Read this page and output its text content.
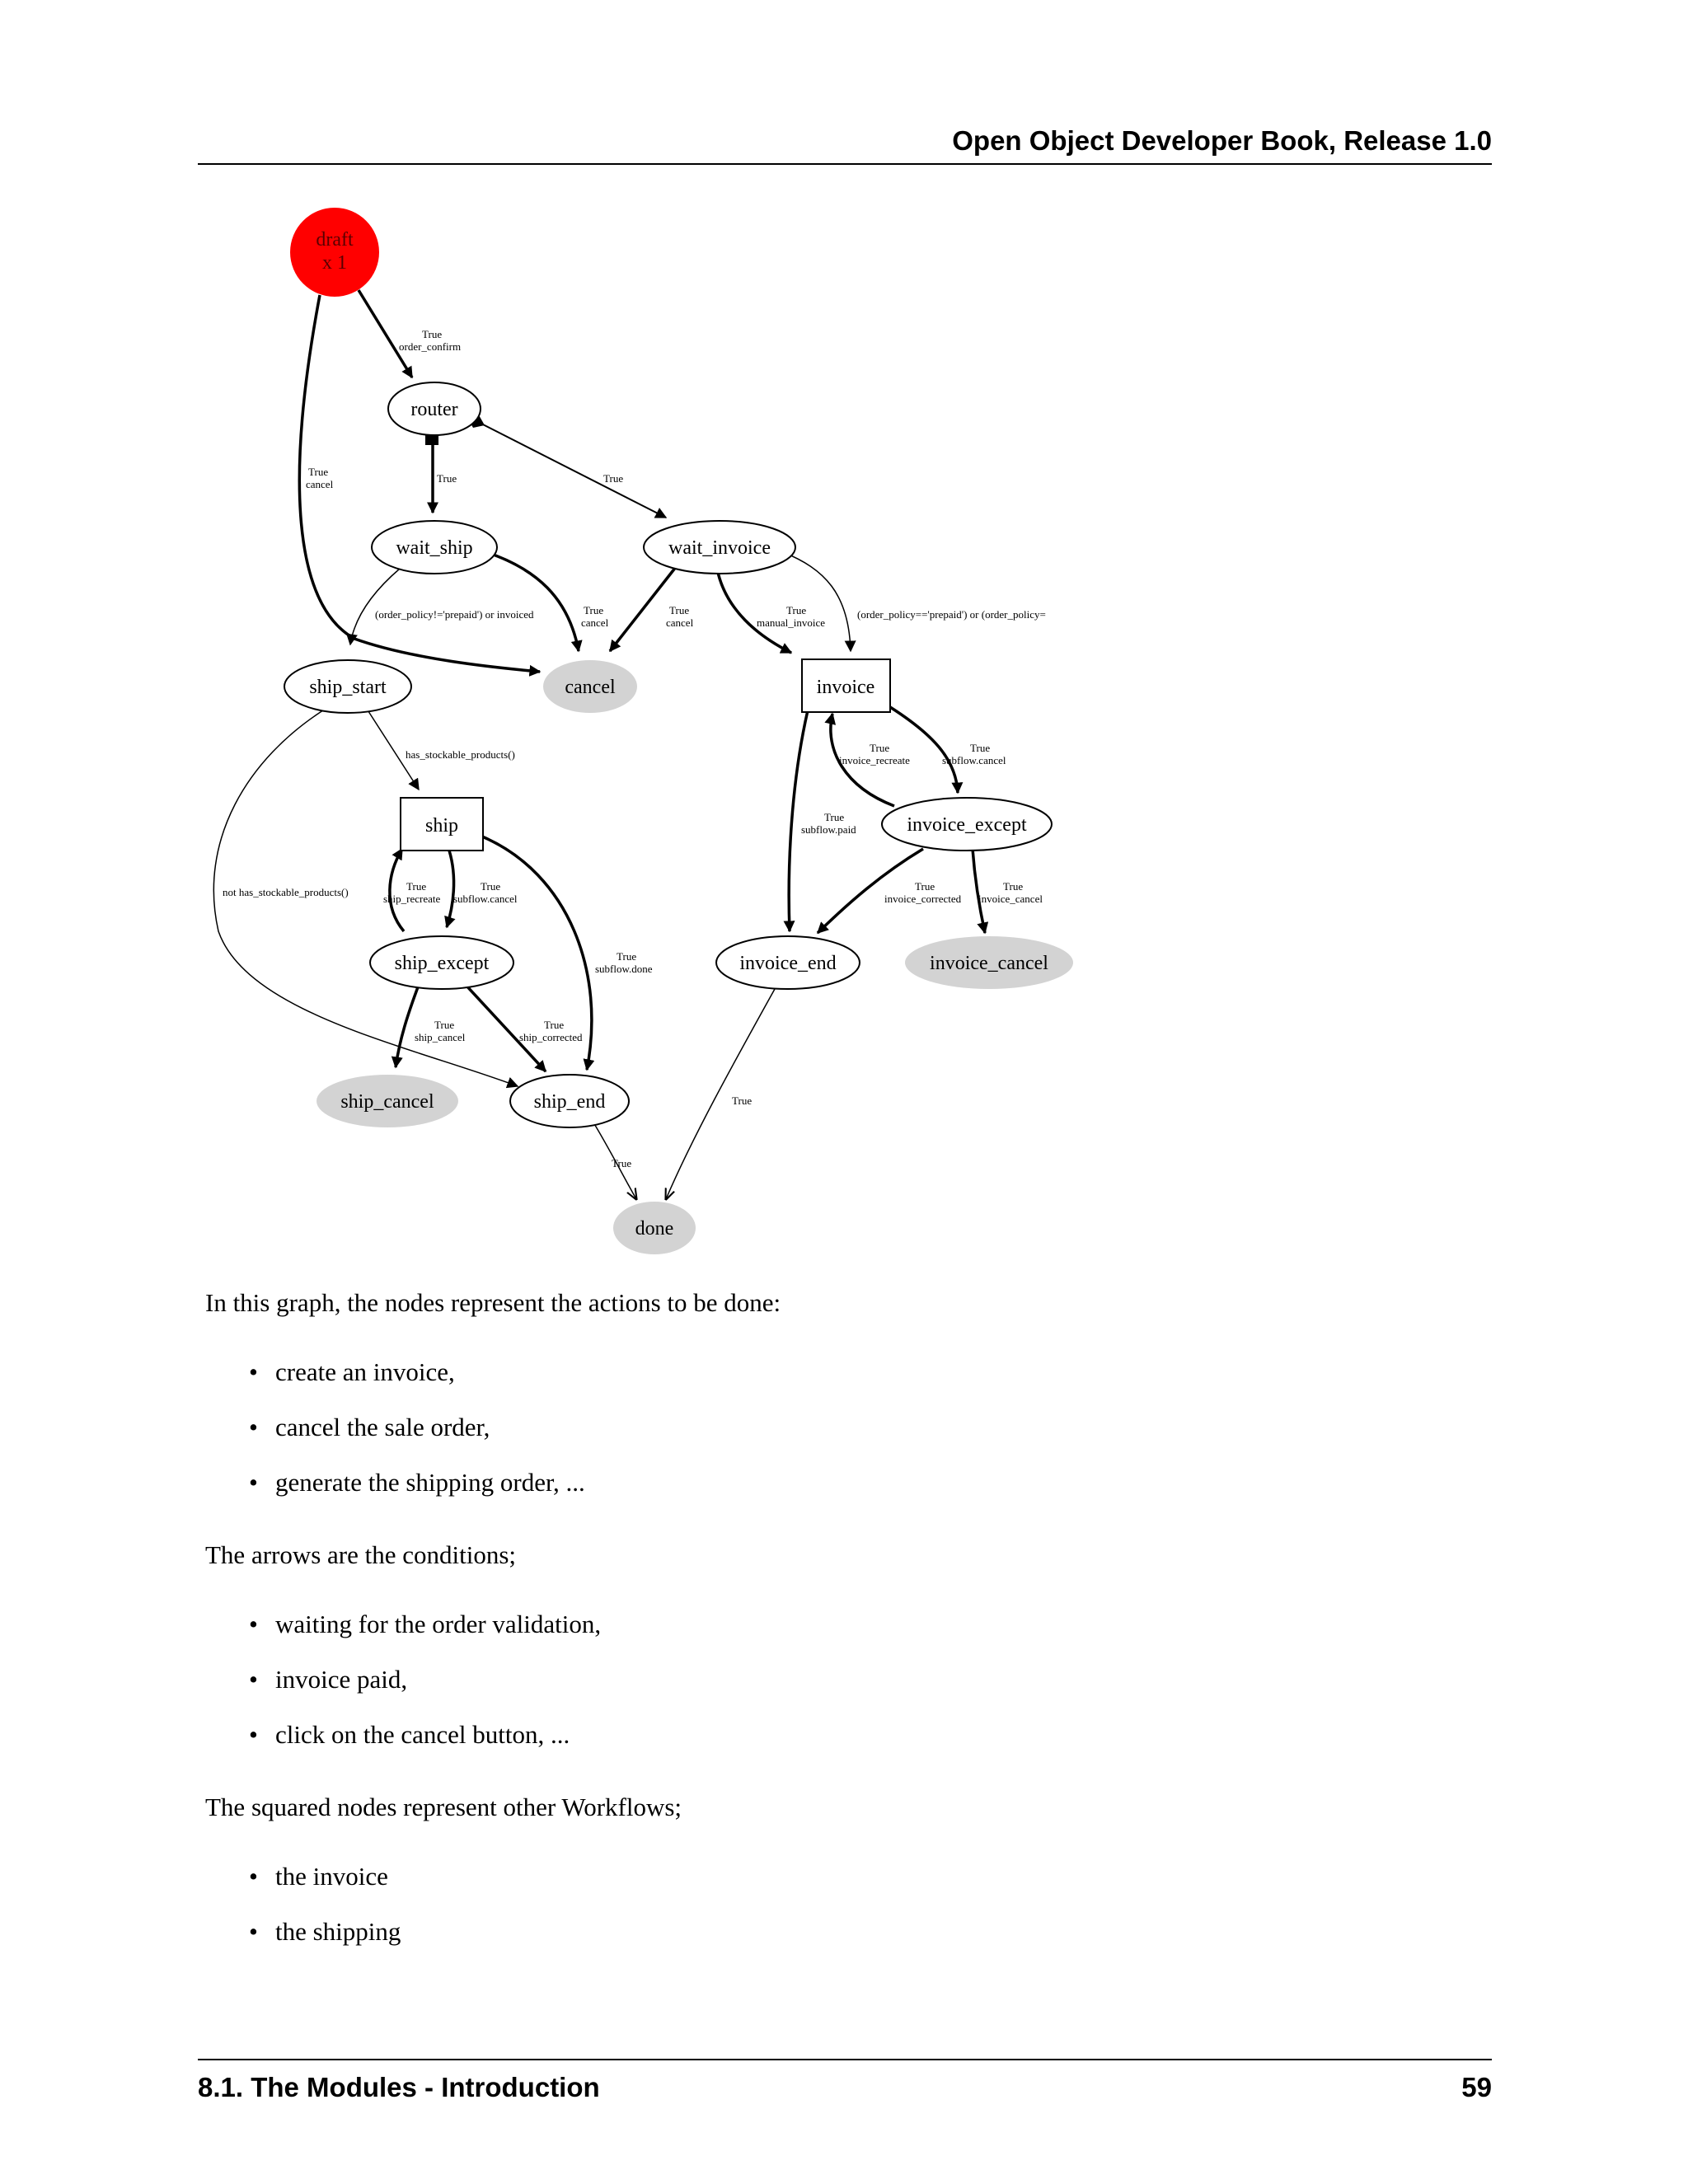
Open Object Developer Book, Release 1.0
True
order_confirm
True
cancel	True	True
(order_policy!='prepaid') or invoiced	True
cancel
True
cancel
True
manual_invoice
(order_policy=='prepaid') or (order_policy=
has_stockable_products()
not has_stockable_products()
True
invoice_recreate
True
subflow.cancel
True
subflow.paid
True
ship_recreate
True
subflow.cancel
True
invoice_corrected
True
invoice_cancel
True
subflow.done
True
ship_cancel
True
ship_corrected
True
True
draft
x 1
router
wait_ship	wait_invoice
ship_start	cancel	invoice
ship	invoice_except
ship_except	invoice_end	invoice_cancel
ship_cancel	ship_end
done

In this graph, the nodes represent the actions to be done:

• create an invoice,
• cancel the sale order,
• generate the shipping order, ...

The arrows are the conditions;

• waiting for the order validation,
• invoice paid,
• click on the cancel button, ...

The squared nodes represent other Workflows;

• the invoice
• the shipping
8.1. The Modules - Introduction	59
